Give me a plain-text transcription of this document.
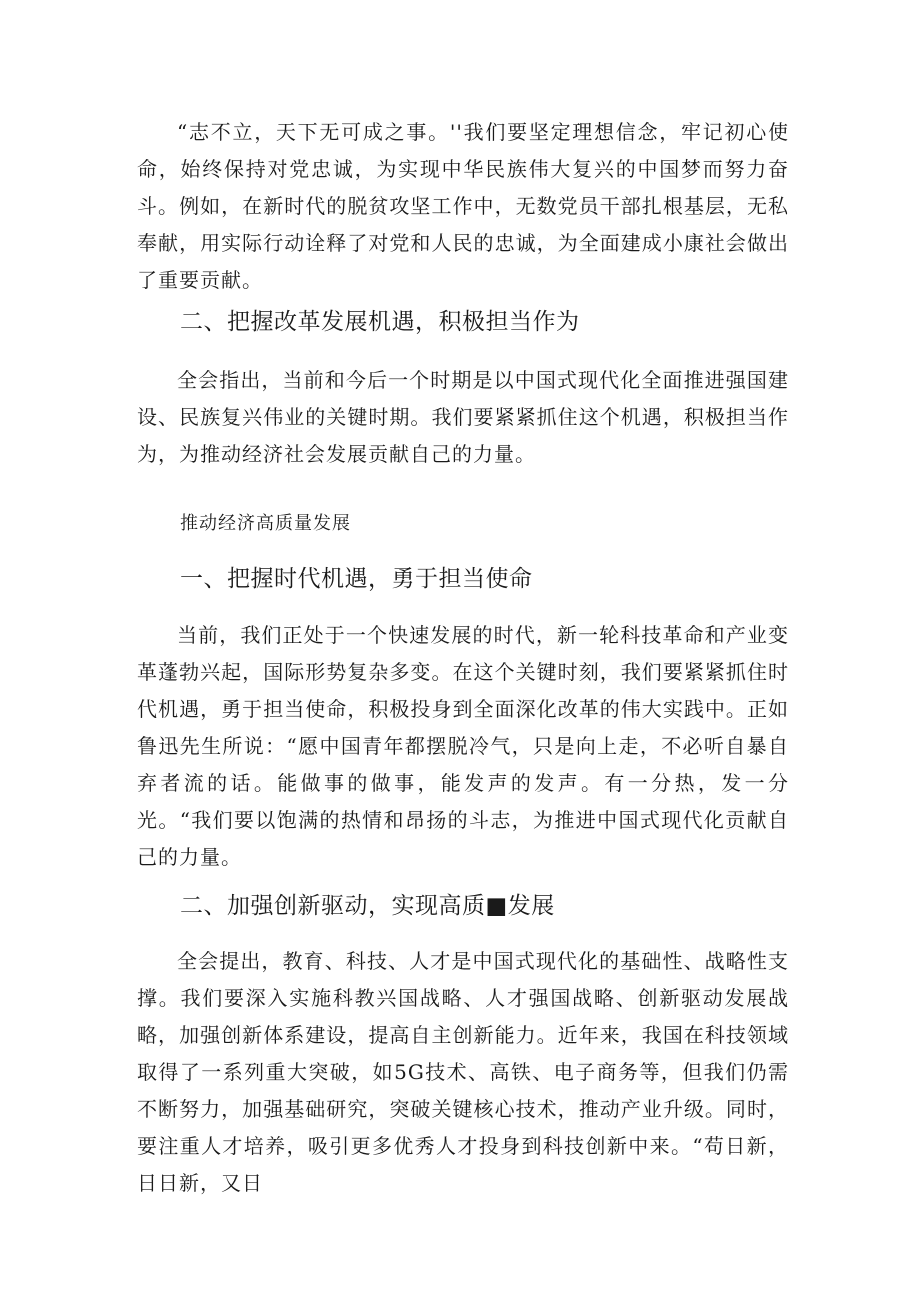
“志不立，天下无可成之事。''我们要坚定理想信念，牢记初心使命，始终保持对党忠诚，为实现中华民族伟大复兴的中国梦而努力奋斗。例如，在新时代的脱贫攻坚工作中，无数党员干部扎根基层，无私奉献，用实际行动诠释了对党和人民的忠诚，为全面建成小康社会做出了重要贡献。

二、把握改革发展机遇，积极担当作为

全会指出，当前和今后一个时期是以中国式现代化全面推进强国建设、民族复兴伟业的关键时期。我们要紧紧抓住这个机遇，积极担当作为，为推动经济社会发展贡献自己的力量。

推动经济高质量发展

一、把握时代机遇，勇于担当使命

当前，我们正处于一个快速发展的时代，新一轮科技革命和产业变革蓬勃兴起，国际形势复杂多变。在这个关键时刻，我们要紧紧抓住时代机遇，勇于担当使命，积极投身到全面深化改革的伟大实践中。正如鲁迅先生所说：“愿中国青年都摆脱冷气，只是向上走，不必听自暴自弃者流的话。能做事的做事，能发声的发声。有一分热，发一分光。“我们要以饱满的热情和昂扬的斗志，为推进中国式现代化贡献自己的力量。

二、加强创新驱动，实现高质■发展

全会提出，教育、科技、人才是中国式现代化的基础性、战略性支撑。我们要深入实施科教兴国战略、人才强国战略、创新驱动发展战略，加强创新体系建设，提高自主创新能力。近年来，我国在科技领域取得了一系列重大突破，如5G技术、高铁、电子商务等，但我们仍需不断努力，加强基础研究，突破关键核心技术，推动产业升级。同时，要注重人才培养，吸引更多优秀人才投身到科技创新中来。“苟日新，日日新，又日
